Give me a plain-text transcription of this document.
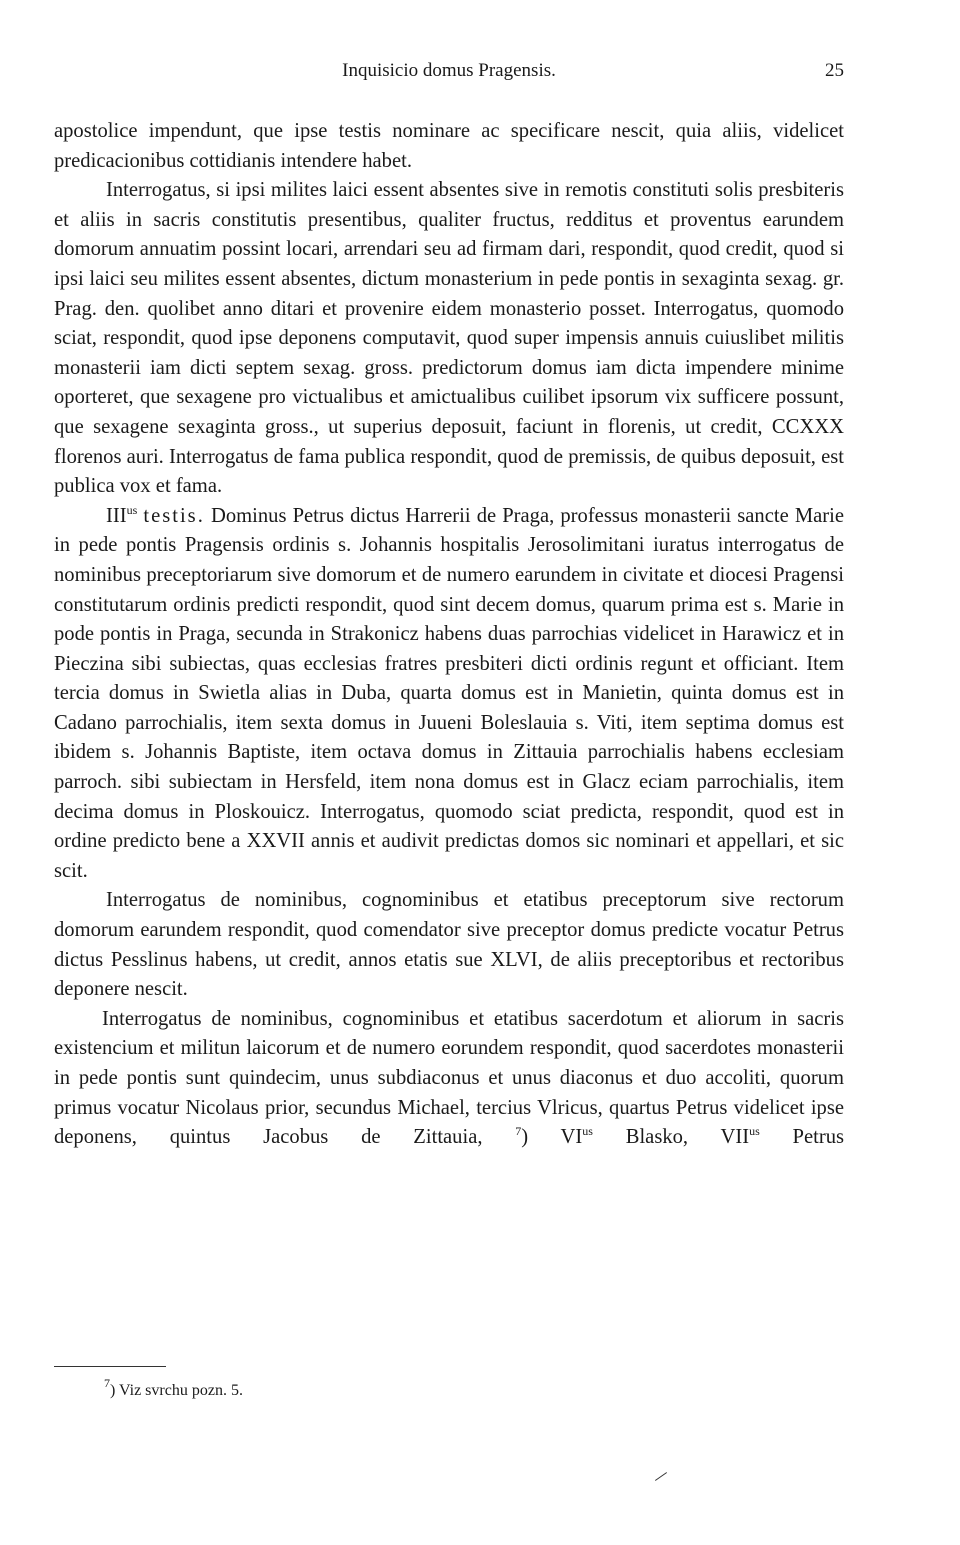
Inquisicio domus Pragensis.	25

apostolice impendunt, que ipse testis nominare ac specificare nescit, quia aliis, videlicet predicacionibus cottidianis intendere habet.

Interrogatus, si ipsi milites laici essent absentes sive in remotis constituti solis presbiteris et aliis in sacris constitutis presentibus, qualiter fructus, redditus et proventus earundem domorum annuatim possint locari, arrendari seu ad firmam dari, respondit, quod credit, quod si ipsi laici seu milites essent absentes, dictum monasterium in pede pontis in sexaginta sexag. gr. Prag. den. quolibet anno ditari et provenire eidem monasterio posset. Interrogatus, quomodo sciat, respondit, quod ipse deponens computavit, quod super impensis annuis cuiuslibet militis monasterii iam dicti septem sexag. gross. predictorum domus iam dicta impendere minime oporteret, que sexagene pro victualibus et amictualibus cuilibet ipsorum vix sufficere possunt, que sexagene sexaginta gross., ut superius deposuit, faciunt in florenis, ut credit, CCXXX florenos auri. Interrogatus de fama publica respondit, quod de premissis, de quibus deposuit, est publica vox et fama.

$III^{us}$ testis. Dominus Petrus dictus Harrerii de Praga, professus monasterii sancte Marie in pede pontis Pragensis ordinis s. Johannis hospitalis Jerosolimitani iuratus interrogatus de nominibus preceptoriarum sive domorum et de numero earundem in civitate et diocesi Pragensi constitutarum ordinis predicti respondit, quod sint decem domus, quarum prima est s. Marie in pode pontis in Praga, secunda in Strakonicz habens duas parrochias videlicet in Harawicz et in Pieczina sibi subiectas, quas ecclesias fratres presbiteri dicti ordinis regunt et officiant. Item tercia domus in Swietla alias in Duba, quarta domus est in Manietin, quinta domus est in Cadano parrochialis, item sexta domus in Juueni Boleslauia s. Viti, item septima domus est ibidem s. Johannis Baptiste, item octava domus in Zittauia parrochialis habens ecclesiam parroch. sibi subiectam in Hersfeld, item nona domus est in Glacz eciam parrochialis, item decima domus in Ploskouicz. Interrogatus, quomodo sciat predicta, respondit, quod est in ordine predicto bene a XXVII annis et audivit predictas domos sic nominari et appellari, et sic scit.

Interrogatus de nominibus, cognominibus et etatibus preceptorum sive rectorum domorum earundem respondit, quod comendator sive preceptor domus predicte vocatur Petrus dictus Pesslinus habens, ut credit, annos etatis sue XLVI, de aliis preceptoribus et rectoribus deponere nescit.

Interrogatus de nominibus, cognominibus et etatibus sacerdotum et aliorum in sacris existencium et militun laicorum et de numero eorundem respondit, quod sacerdotes monasterii in pede pontis sunt quindecim, unus subdiaconus et unus diaconus et duo accoliti, quorum primus vocatur Nicolaus prior, secundus Michael, tercius Vlricus, quartus Petrus videlicet ipse deponens, quintus Jacobus de Zittauia,	$^7$) $VI^{us}$ Blasko, $VII^{us}$ Petrus

$^7$) Viz svrchu pozn. 5.
